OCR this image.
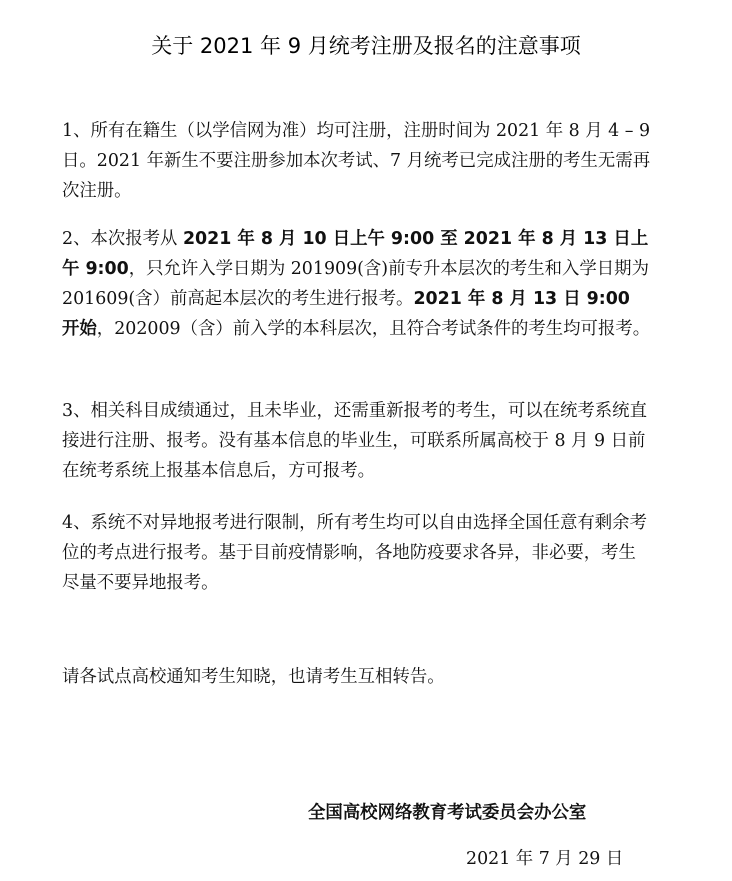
关于 2021 年 9 月统考注册及报名的注意事项
1、所有在籍生（以学信网为准）均可注册，注册时间为 2021 年 8 月 4 – 9 日。2021 年新生不要注册参加本次考试、7 月统考已完成注册的考生无需再次注册。
2、本次报考从 2021 年 8 月 10 日上午 9:00 至 2021 年 8 月 13 日上午 9:00，只允许入学日期为 201909(含)前专升本层次的考生和入学日期为 201609(含）前高起本层次的考生进行报考。2021 年 8 月 13 日 9:00 开始，202009（含）前入学的本科层次，且符合考试条件的考生均可报考。
3、相关科目成绩通过，且未毕业，还需重新报考的考生，可以在统考系统直接进行注册、报考。没有基本信息的毕业生，可联系所属高校于 8 月 9 日前在统考系统上报基本信息后，方可报考。
4、系统不对异地报考进行限制，所有考生均可以自由选择全国任意有剩余考位的考点进行报考。基于目前疫情影响，各地防疫要求各异，非必要，考生尽量不要异地报考。
请各试点高校通知考生知晓，也请考生互相转告。
全国高校网络教育考试委员会办公室
2021 年 7 月 29 日
